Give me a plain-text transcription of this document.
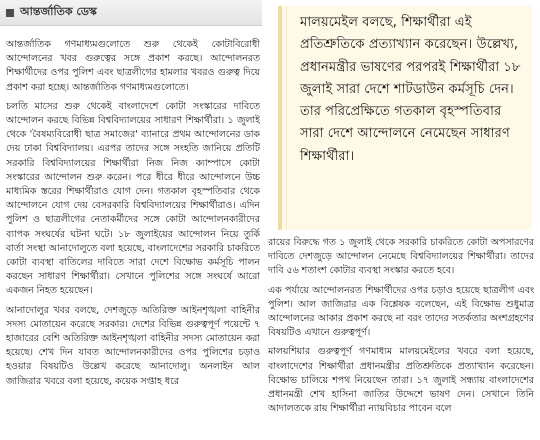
আন্তর্জাতিক ডেস্ক

আন্তর্জাতিক গণমাধ্যমগুলোতে শুরু থেকেই কোটাবিরোধী আন্দোলনের খবর গুরুত্বের সঙ্গে প্রকাশ করছে। আন্দোলনরত শিক্ষার্থীদের ওপর পুলিশ এবং ছাত্রলীগের হামলার খবরও গুরুত্ব দিয়ে প্রকাশ করা হচ্ছে। আন্তর্জাতিক গণমাধ্যমগুলোতে।

চলতি মাসের শুরু থেকেই বাংলাদেশে কোটা সংস্কারের দাবিতে আন্দোলন করছে বিভিন্ন বিশ্ববিদ্যালয়ের সাধারণ শিক্ষার্থীরা। ১ জুলাই থেকে 'বৈষম্যবিরোধী ছাত্র সমাজের' ব্যানারে প্রথম আন্দোলনের ডাক দেয় ঢাকা বিশ্ববিদ্যালয়। এরপর তাদের সঙ্গে সংহতি জানিয়ে প্রতিটি সরকারি বিশ্ববিদ্যালয়ের শিক্ষার্থীরা নিজ নিজ ক্যাম্পাসে কোটা সংস্কারের আন্দোলন শুরু করেন। পরে ধীরে ধীরে আন্দোলনে উচ্চ মাধ্যমিক স্তরের শিক্ষার্থীরাও যোগ দেন। গতকাল বৃহস্পতিবার থেকে আন্দোলনে যোগ দেয় বেসরকারি বিশ্ববিদ্যালয়ের শিক্ষার্থীরাও। এদিন পুলিশ ও ছাত্রলীগের নেতাকর্মীদের সঙ্গে কোটা আন্দোলনকারীদের ব্যাপক সংঘর্ষের ঘটনা ঘটে। ১৮ জুলাইয়ের আন্দোলন নিয়ে তুর্কি বার্তা সংস্থা আনাদোলুতে বলা হয়েছে, বাংলাদেশের সরকারি চাকরিতে কোটা ব্যবস্থা বাতিলের দাবিতে সারা দেশে বিক্ষোভ কর্মসূচি পালন করছেন সাধারণ শিক্ষার্থীরা। সেখানে পুলিশের সঙ্গে সংঘর্ষে আরো একজন নিহত হয়েছেন।

আনাদোলুর খবর বলছে, দেশজুড়ে অতিরিক্ত আইনশৃঙ্খলা বাহিনীর সদস্য মোতায়েন করেছে সরকার। দেশের বিভিন্ন গুরুত্বপূর্ণ পয়েন্টে ৭ হাজারের বেশি অতিরিক্ত আইনশৃঙ্খলা বাহিনীর সদস্য মোতায়েন করা হয়েছে। শেখ দিন যাবত আন্দোলনকারীদের ওপর পুলিশের চড়াও হওয়ার বিষয়টিও উল্লেখ করেছে আনাদোলু। অনলাইন আল জাজিরার খবরে বলা হয়েছে, কয়েক সপ্তাহ ধরে

মালয়মেইল বলছে, শিক্ষার্থীরা এই প্রতিশ্রুতিকে প্রত্যাখ্যান করেছেন। উল্লেখ্য, প্রধানমন্ত্রীর ভাষণের পরপরই শিক্ষার্থীরা ১৮ জুলাই সারা দেশে শাটডাউন কর্মসূচি দেন। তার পরিপ্রেক্ষিতে গতকাল বৃহস্পতিবার সারা দেশে আন্দোলনে নেমেছেন সাধারণ শিক্ষার্থীরা।

রায়ের বিরুদ্ধে গত ১ জুলাই থেকে সরকারি চাকরিতে কোটা অপসারণের দাবিতে দেশজুড়ে আন্দোলন নেমেছে বিশ্ববিদ্যালয়ের শিক্ষার্থীরা। তাদের দাবি ৫৬ শতাংশ কোটার ব্যবস্থা সংস্কার করতে হবে।

এক পর্যায়ে আন্দোলনরত শিক্ষার্থীদের ওপর চড়াও হয়েছে ছাত্রলীগ এবং পুলিশ। আল জাজিরার এক বিশ্লেষক বলেছেন, এই বিক্ষোভ শুধুমাত্র আন্দোলনের আকার প্রকাশ করছে না বরং তাদের সতর্কতার অংশগ্রহণের বিষয়টিও এখানে গুরুত্বপূর্ণ।

মালয়শিয়ার গুরুত্বপূর্ণ গণমাধ্যম মালয়মেইলের খবরে বলা হয়েছে, বাংলাদেশের শিক্ষার্থীরা প্রধানমন্ত্রীর প্রতিশ্রুতিকে প্রত্যাখ্যান করেছেন। বিক্ষোভ চালিয়ে শপথ নিয়েছেন তারা। ১৭ জুলাই সন্ধ্যায় বাংলাদেশের প্রধানমন্ত্রী শেখ হাসিনা জাতির উদ্দেশে ভাষণ দেন। সেখানে তিনি আদালতকে রায় শিক্ষার্থীরা ন্যায়বিচার পাবেন বলে
